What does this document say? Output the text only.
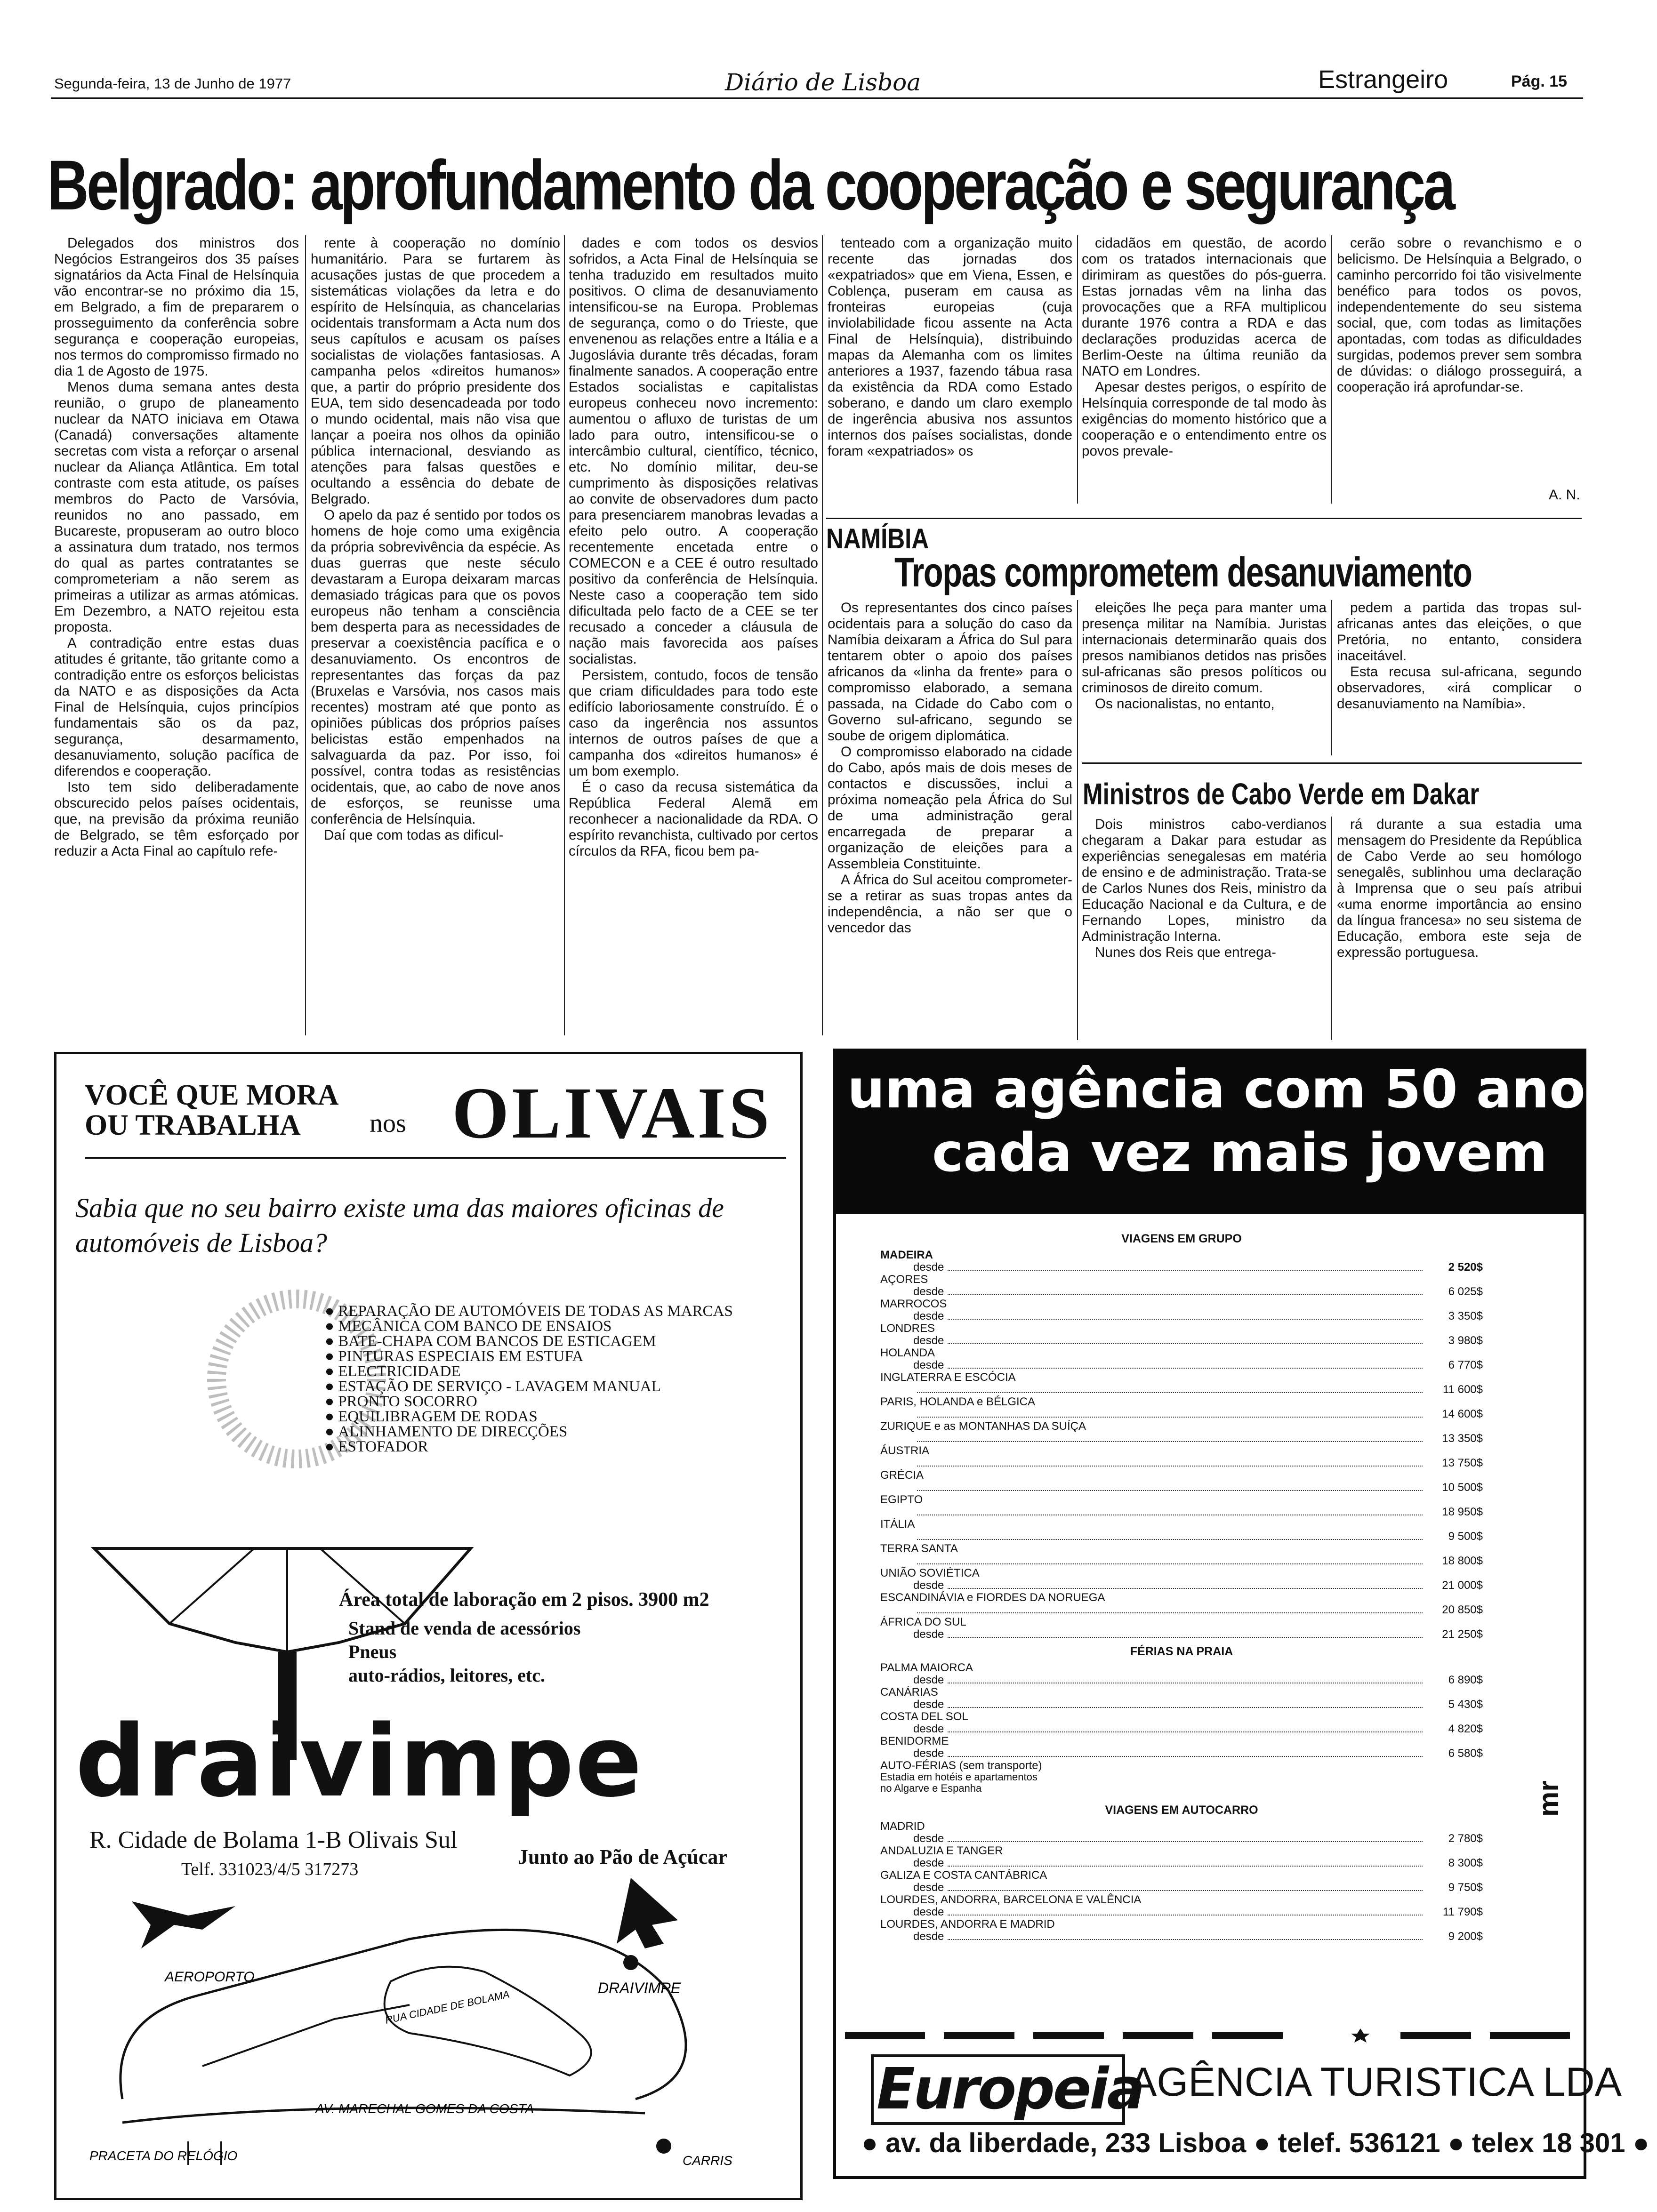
Segunda-feira, 13 de Junho de 1977	Diário de Lisboa	Estrangeiro	Pág. 15
Belgrado: aprofundamento da cooperação e segurança

Delegados dos ministros dos Negócios Estrangeiros dos 35 países signatários da Acta Final de Helsínquia vão encontrar-se no próximo dia 15, em Belgrado, a fim de prepararem o prosseguimento da conferência sobre segurança e cooperação europeias, nos termos do compromisso firmado no dia 1 de Agosto de 1975.

Menos duma semana antes desta reunião, o grupo de planeamento nuclear da NATO iniciava em Otawa (Canadá) conversações altamente secretas com vista a reforçar o arsenal nuclear da Aliança Atlântica. Em total contraste com esta atitude, os países membros do Pacto de Varsóvia, reunidos no ano passado, em Bucareste, propuseram ao outro bloco a assinatura dum tratado, nos termos do qual as partes contratantes se comprometeriam a não serem as primeiras a utilizar as armas atómicas. Em Dezembro, a NATO rejeitou esta proposta.

A contradição entre estas duas atitudes é gritante, tão gritante como a contradição entre os esforços belicistas da NATO e as disposições da Acta Final de Helsínquia, cujos princípios fundamentais são os da paz, segurança, desarmamento, desanuviamento, solução pacífica de diferendos e cooperação.

Isto tem sido deliberadamente obscurecido pelos países ocidentais, que, na previsão da próxima reunião de Belgrado, se têm esforçado por reduzir a Acta Final ao capítulo refe-

rente à cooperação no domínio humanitário. Para se furtarem às acusações justas de que procedem a sistemáticas violações da letra e do espírito de Helsínquia, as chancelarias ocidentais transformam a Acta num dos seus capítulos e acusam os países socialistas de violações fantasiosas. A campanha pelos «direitos humanos» que, a partir do próprio presidente dos EUA, tem sido desencadeada por todo o mundo ocidental, mais não visa que lançar a poeira nos olhos da opinião pública internacional, desviando as atenções para falsas questões e ocultando a essência do debate de Belgrado.

O apelo da paz é sentido por todos os homens de hoje como uma exigência da própria sobrevivência da espécie. As duas guerras que neste século devastaram a Europa deixaram marcas demasiado trágicas para que os povos europeus não tenham a consciência bem desperta para as necessidades de preservar a coexistência pacífica e o desanuviamento. Os encontros de representantes das forças da paz (Bruxelas e Varsóvia, nos casos mais recentes) mostram até que ponto as opiniões públicas dos próprios países belicistas estão empenhados na salvaguarda da paz. Por isso, foi possível, contra todas as resistências ocidentais, que, ao cabo de nove anos de esforços, se reunisse uma conferência de Helsínquia.

Daí que com todas as dificul-

dades e com todos os desvios sofridos, a Acta Final de Helsínquia se tenha traduzido em resultados muito positivos. O clima de desanuviamento intensificou-se na Europa. Problemas de segurança, como o do Trieste, que envenenou as relações entre a Itália e a Jugoslávia durante três décadas, foram finalmente sanados. A cooperação entre Estados socialistas e capitalistas europeus conheceu novo incremento: aumentou o afluxo de turistas de um lado para outro, intensificou-se o intercâmbio cultural, científico, técnico, etc. No domínio militar, deu-se cumprimento às disposições relativas ao convite de observadores dum pacto para presenciarem manobras levadas a efeito pelo outro. A cooperação recentemente encetada entre o COMECON e a CEE é outro resultado positivo da conferência de Helsínquia. Neste caso a cooperação tem sido dificultada pelo facto de a CEE se ter recusado a conceder a cláusula de nação mais favorecida aos países socialistas.

Persistem, contudo, focos de tensão que criam dificuldades para todo este edifício laboriosamente construído. É o caso da ingerência nos assuntos internos de outros países de que a campanha dos «direitos humanos» é um bom exemplo.

É o caso da recusa sistemática da República Federal Alemã em reconhecer a nacionalidade da RDA. O espírito revanchista, cultivado por certos círculos da RFA, ficou bem pa-

tenteado com a organização muito recente das jornadas dos «expatriados» que em Viena, Essen, e Coblença, puseram em causa as fronteiras europeias (cuja inviolabilidade ficou assente na Acta Final de Helsínquia), distribuindo mapas da Alemanha com os limites anteriores a 1937, fazendo tábua rasa da existência da RDA como Estado soberano, e dando um claro exemplo de ingerência abusiva nos assuntos internos dos países socialistas, donde foram «expatriados» os

cidadãos em questão, de acordo com os tratados internacionais que dirimiram as questões do pós-guerra. Estas jornadas vêm na linha das provocações que a RFA multiplicou durante 1976 contra a RDA e das declarações produzidas acerca de Berlim-Oeste na última reunião da NATO em Londres.

Apesar destes perigos, o espírito de Helsínquia corresponde de tal modo às exigências do momento histórico que a cooperação e o entendimento entre os povos prevale-

cerão sobre o revanchismo e o belicismo. De Helsínquia a Belgrado, o caminho percorrido foi tão visivelmente benéfico para todos os povos, independentemente do seu sistema social, que, com todas as limitações apontadas, com todas as dificuldades surgidas, podemos prever sem sombra de dúvidas: o diálogo prosseguirá, a cooperação irá aprofundar-se.

A. N.
NAMÍBIA
Tropas comprometem desanuviamento

Os representantes dos cinco países ocidentais para a solução do caso da Namíbia deixaram a África do Sul para tentarem obter o apoio dos países africanos da «linha da frente» para o compromisso elaborado, a semana passada, na Cidade do Cabo com o Governo sul-africano, segundo se soube de origem diplomática.

O compromisso elaborado na cidade do Cabo, após mais de dois meses de contactos e discussões, inclui a próxima nomeação pela África do Sul de uma administração geral encarregada de preparar a organização de eleições para a Assembleia Constituinte.

A África do Sul aceitou comprometer-se a retirar as suas tropas antes da independência, a não ser que o vencedor das

eleições lhe peça para manter uma presença militar na Namíbia. Juristas internacionais determinarão quais dos presos namibianos detidos nas prisões sul-africanas são presos políticos ou criminosos de direito comum.

Os nacionalistas, no entanto,

pedem a partida das tropas sul-africanas antes das eleições, o que Pretória, no entanto, considera inaceitável.

Esta recusa sul-africana, segundo observadores, «irá complicar o desanuviamento na Namíbia».

Ministros de Cabo Verde em Dakar

Dois ministros cabo-verdianos chegaram a Dakar para estudar as experiências senegalesas em matéria de ensino e de administração. Trata-se de Carlos Nunes dos Reis, ministro da Educação Nacional e da Cultura, e de Fernando Lopes, ministro da Administração Interna.

Nunes dos Reis que entrega-

rá durante a sua estadia uma mensagem do Presidente da República de Cabo Verde ao seu homólogo senegalês, sublinhou uma declaração à Imprensa que o seu país atribui «uma enorme importância ao ensino da língua francesa» no seu sistema de Educação, embora este seja de expressão portuguesa.

VOCÊ QUE MORA
OU TRABALHA	nos OLIVAIS
Sabia que no seu bairro existe uma das maiores oficinas de automóveis de Lisboa?
● REPARAÇÃO DE AUTOMÓVEIS DE TODAS AS MARCAS
● MECÂNICA COM BANCO DE ENSAIOS
● BATE-CHAPA COM BANCOS DE ESTICAGEM
● PINTURAS ESPECIAIS EM ESTUFA
● ELECTRICIDADE
● ESTAÇÃO DE SERVIÇO - LAVAGEM MANUAL
● PRONTO SOCORRO
● EQUILIBRAGEM DE RODAS
● ALINHAMENTO DE DIRECÇÕES
● ESTOFADOR
Área total de laboração em 2 pisos. 3900 m2
Stand de venda de acessórios
Pneus
auto-rádios, leitores, etc.
draivimpe
R. Cidade de Bolama 1-B Olivais Sul
Junto ao Pão de Açúcar
Telf. 331023/4/5 317273
AEROPORTO
RUA CIDADE DE BOLAMA
DRAIVIMPE
AV. MARECHAL GOMES DA COSTA
PRACETA DO RELÓGIO	CARRIS
uma agência com 50 anos
cada vez mais jovem
VIAGENS EM GRUPO
MADEIRA
desde	2 520$
AÇORES
desde	6 025$
MARROCOS
desde	3 350$
LONDRES
desde	3 980$
HOLANDA
desde	6 770$
INGLATERRA E ESCÓCIA
11 600$
PARIS, HOLANDA e BÉLGICA
14 600$
ZURIQUE e as MONTANHAS DA SUÍÇA
13 350$
ÁUSTRIA
13 750$
GRÉCIA
10 500$
EGIPTO
18 950$
ITÁLIA
9 500$
TERRA SANTA
18 800$
UNIÃO SOVIÉTICA
desde	21 000$
ESCANDINÁVIA e FIORDES DA NORUEGA
20 850$
ÁFRICA DO SUL
desde	21 250$
FÉRIAS NA PRAIA
PALMA MAIORCA
desde	6 890$
CANÁRIAS
desde	5 430$
COSTA DEL SOL
desde	4 820$
BENIDORME
desde	6 580$
AUTO-FÉRIAS (sem transporte)
Estadia em hotéis e apartamentos no Algarve e Espanha
VIAGENS EM AUTOCARRO
MADRID
desde	2 780$
ANDALUZIA E TANGER
desde	8 300$
GALIZA E COSTA CANTÁBRICA
desde	9 750$
LOURDES, ANDORRA, BARCELONA E VALÊNCIA
desde	11 790$
LOURDES, ANDORRA E MADRID
desde	9 200$
Europeia
AGÊNCIA TURISTICA LDA
● av. da liberdade, 233 Lisboa ● telef. 536121 ● telex 18 301 ●
mr
